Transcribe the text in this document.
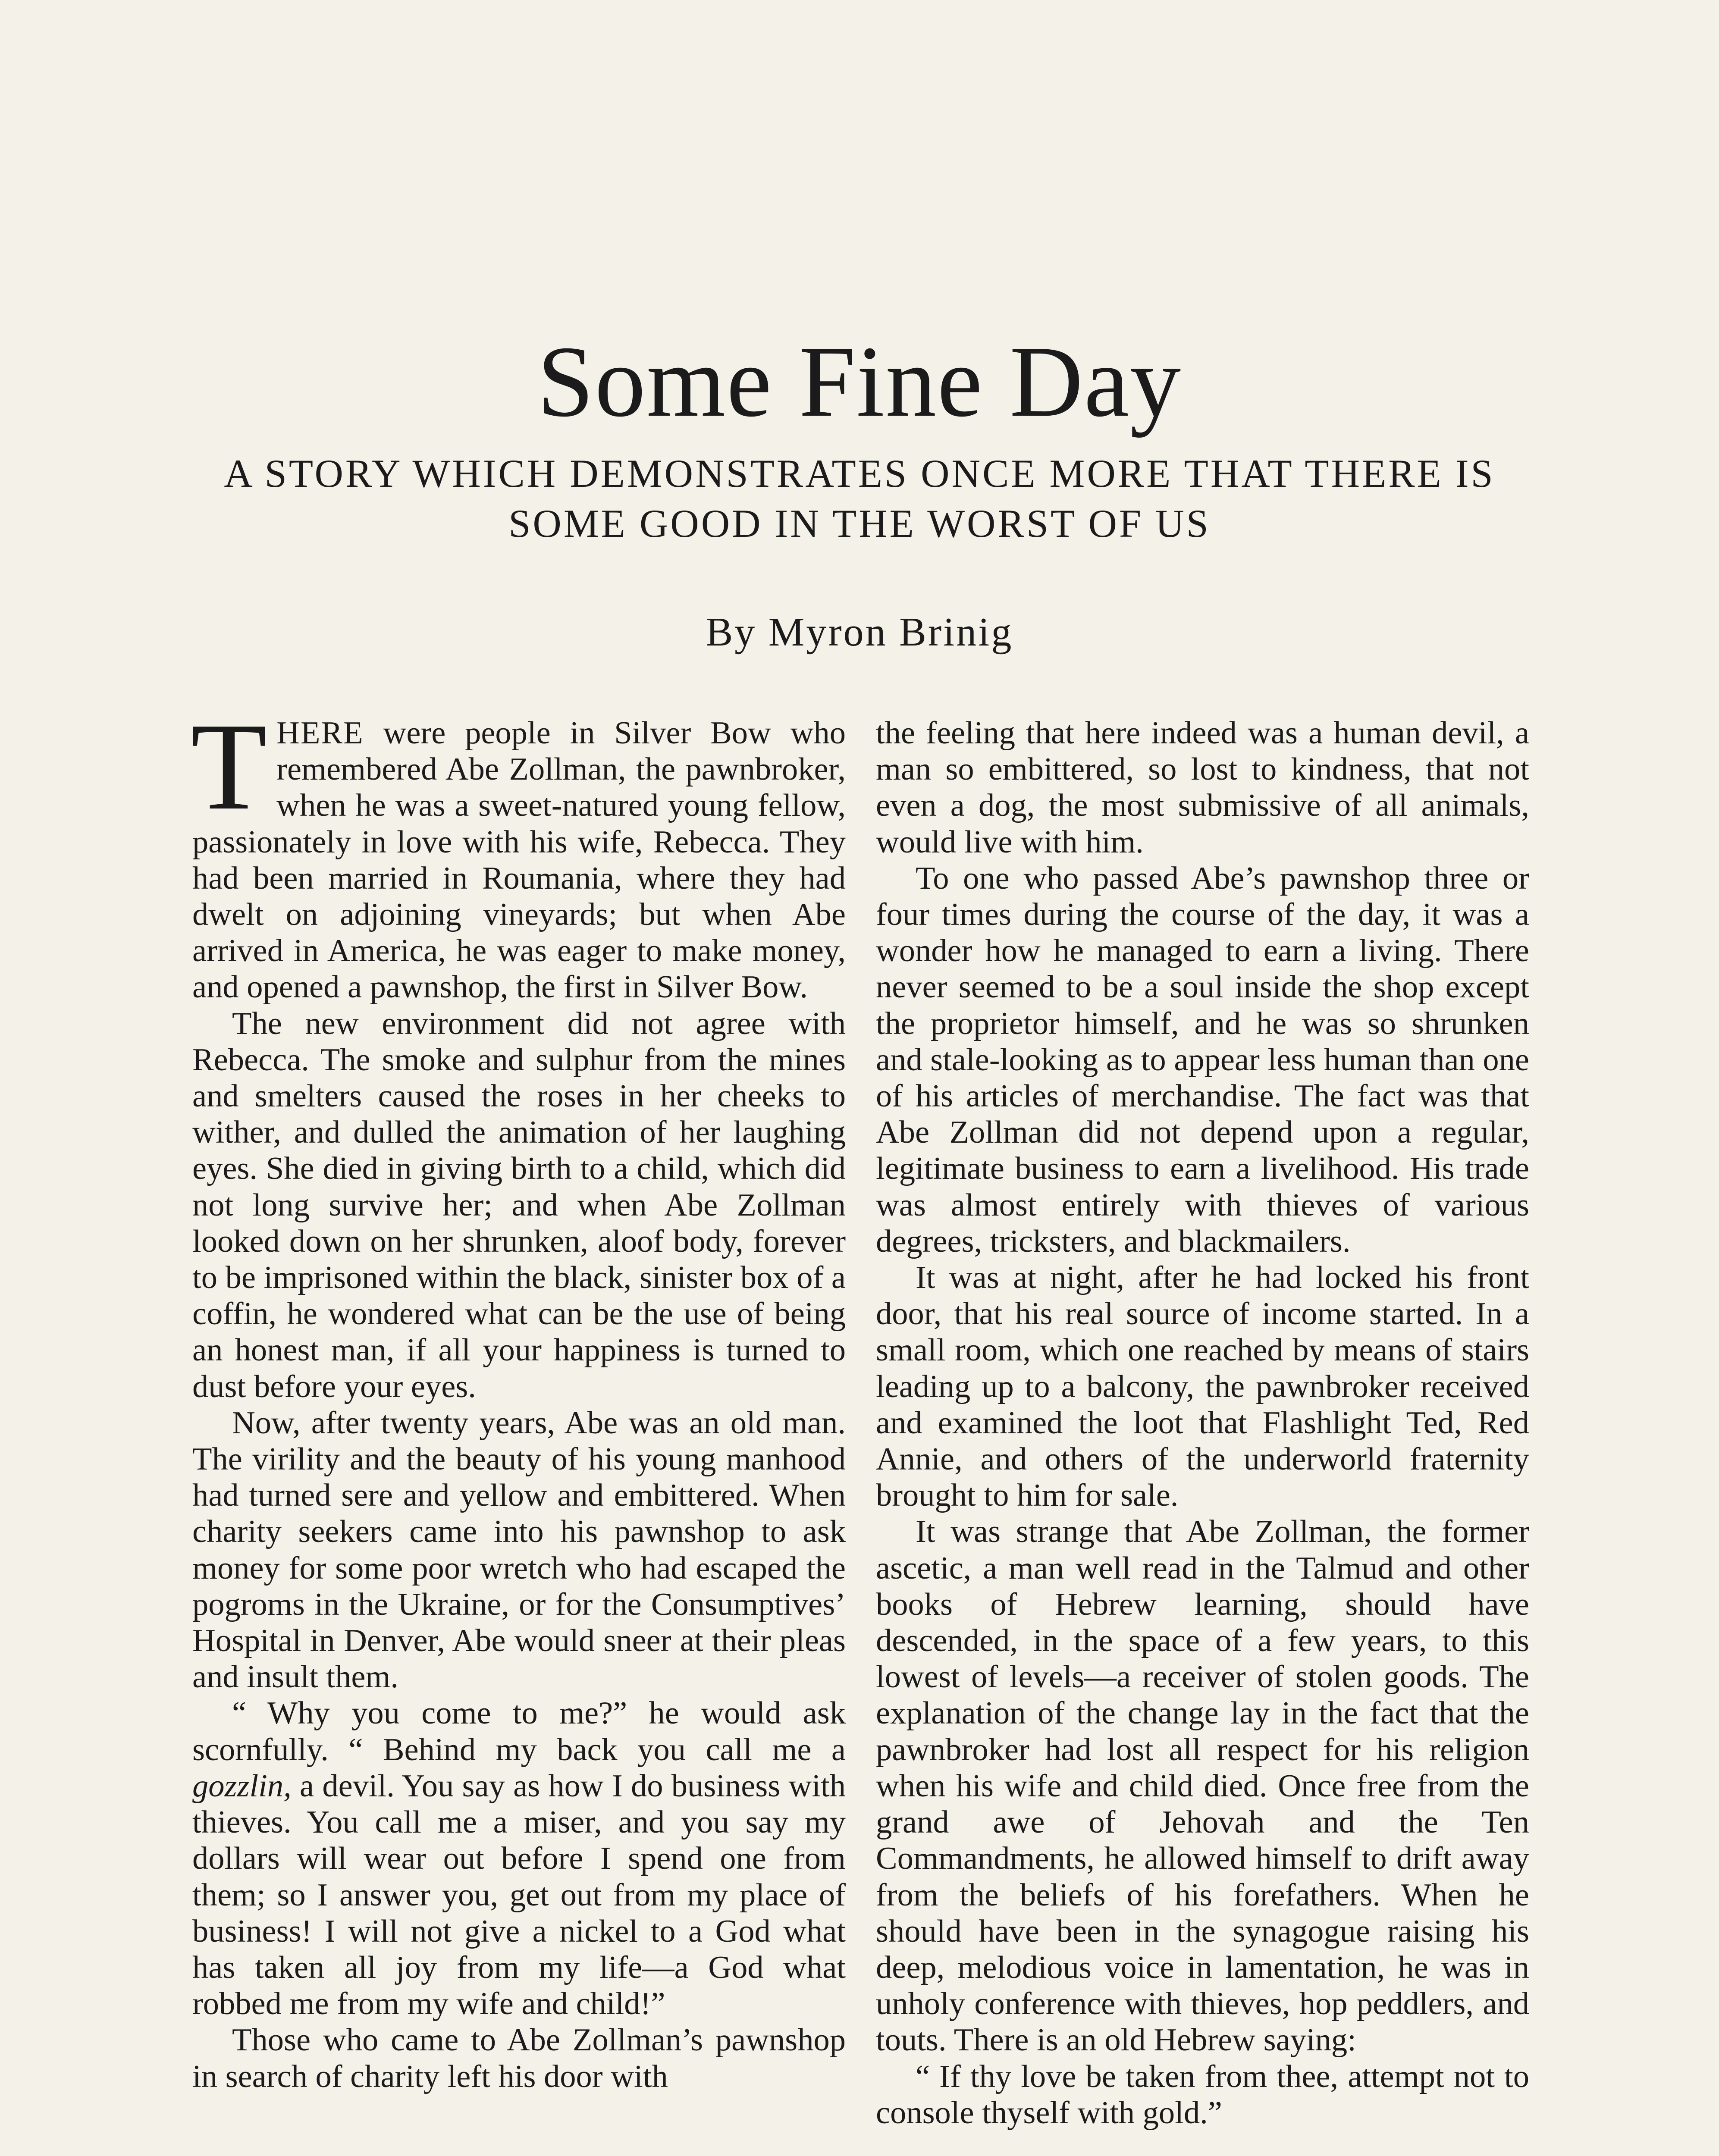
Some Fine Day
A STORY WHICH DEMONSTRATES ONCE MORE THAT THERE IS SOME GOOD IN THE WORST OF US
By Myron Brinig

THERE were people in Silver Bow who remembered Abe Zollman, the pawnbroker, when he was a sweet-natured young fellow, passionately in love with his wife, Rebecca. They had been married in Roumania, where they had dwelt on adjoining vineyards; but when Abe arrived in America, he was eager to make money, and opened a pawnshop, the first in Silver Bow.

The new environment did not agree with Rebecca. The smoke and sulphur from the mines and smelters caused the roses in her cheeks to wither, and dulled the animation of her laughing eyes. She died in giving birth to a child, which did not long survive her; and when Abe Zollman looked down on her shrunken, aloof body, forever to be imprisoned within the black, sinister box of a coffin, he wondered what can be the use of being an honest man, if all your happiness is turned to dust before your eyes.

Now, after twenty years, Abe was an old man. The virility and the beauty of his young manhood had turned sere and yellow and embittered. When charity seekers came into his pawnshop to ask money for some poor wretch who had escaped the pogroms in the Ukraine, or for the Consumptives’ Hospital in Denver, Abe would sneer at their pleas and insult them.

“ Why you come to me?” he would ask scornfully. “ Behind my back you call me a gozzlin, a devil. You say as how I do business with thieves. You call me a miser, and you say my dollars will wear out before I spend one from them; so I answer you, get out from my place of business! I will not give a nickel to a God what has taken all joy from my life—a God what robbed me from my wife and child!”

Those who came to Abe Zollman’s pawnshop in search of charity left his door with

the feeling that here indeed was a human devil, a man so embittered, so lost to kindness, that not even a dog, the most submissive of all animals, would live with him.

To one who passed Abe’s pawnshop three or four times during the course of the day, it was a wonder how he managed to earn a living. There never seemed to be a soul inside the shop except the proprietor himself, and he was so shrunken and stale-looking as to appear less human than one of his articles of merchandise. The fact was that Abe Zollman did not depend upon a regular, legitimate business to earn a livelihood. His trade was almost entirely with thieves of various degrees, tricksters, and blackmailers.

It was at night, after he had locked his front door, that his real source of income started. In a small room, which one reached by means of stairs leading up to a balcony, the pawnbroker received and examined the loot that Flashlight Ted, Red Annie, and others of the underworld fraternity brought to him for sale.

It was strange that Abe Zollman, the former ascetic, a man well read in the Talmud and other books of Hebrew learning, should have descended, in the space of a few years, to this lowest of levels—a receiver of stolen goods. The explanation of the change lay in the fact that the pawnbroker had lost all respect for his religion when his wife and child died. Once free from the grand awe of Jehovah and the Ten Commandments, he allowed himself to drift away from the beliefs of his forefathers. When he should have been in the synagogue raising his deep, melodious voice in lamentation, he was in unholy conference with thieves, hop peddlers, and touts. There is an old Hebrew saying:

“ If thy love be taken from thee, attempt not to console thyself with gold.”
